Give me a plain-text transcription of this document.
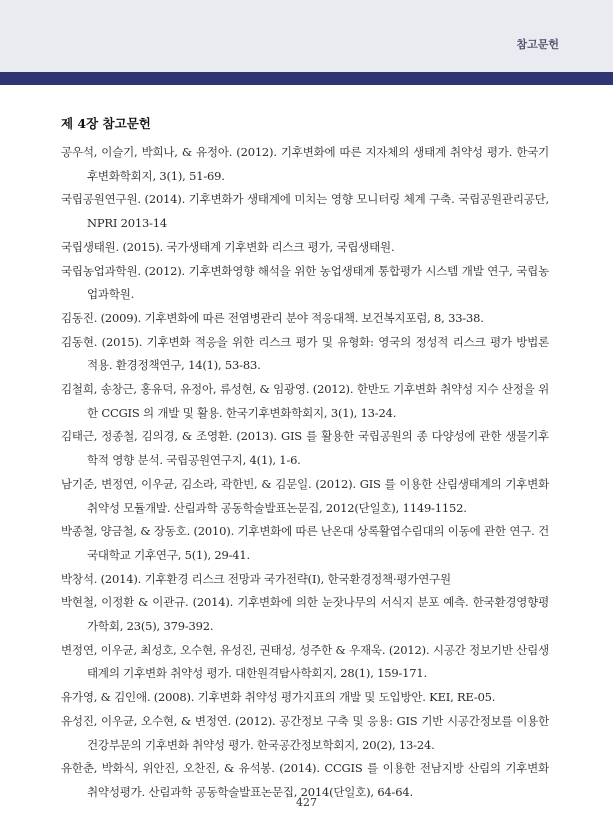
참고문헌
제 4장 참고문헌
공우석, 이슬기, 박희나, & 유정아. (2012). 기후변화에 따른 지자체의 생태계 취약성 평가. 한국기후변화학회지, 3(1), 51-69.
국립공원연구원. (2014). 기후변화가 생태계에 미치는 영향 모니터링 체계 구축. 국립공원관리공단, NPRI 2013-14
국립생태원. (2015). 국가생태계 기후변화 리스크 평가, 국립생태원.
국립농업과학원. (2012). 기후변화영향 해석을 위한 농업생태계 통합평가 시스템 개발 연구, 국립농업과학원.
김동진. (2009). 기후변화에 따른 전염병관리 분야 적응대책. 보건복지포럼, 8, 33-38.
김동현. (2015). 기후변화 적응을 위한 리스크 평가 및 유형화: 영국의 정성적 리스크 평가 방법론 적용. 환경정책연구, 14(1), 53-83.
김철희, 송창근, 홍유덕, 유정아, 류성현, & 임광영. (2012). 한반도 기후변화 취약성 지수 산정을 위한 CCGIS 의 개발 및 활용. 한국기후변화학회지, 3(1), 13-24.
김태근, 정종철, 김의경, & 조영환. (2013). GIS 를 활용한 국립공원의 종 다양성에 관한 생물기후학적 영향 분석. 국립공원연구지, 4(1), 1-6.
남기준, 변정연, 이우균, 김소라, 곽한빈, & 김문일. (2012). GIS 를 이용한 산림생태계의 기후변화 취약성 모듈개발. 산림과학 공동학술발표논문집, 2012(단일호), 1149-1152.
박종철, 양금철, & 장동호. (2010). 기후변화에 따른 난온대 상록활엽수림대의 이동에 관한 연구. 건국대학교 기후연구, 5(1), 29-41.
박창석. (2014). 기후환경 리스크 전망과 국가전략(Ⅰ), 한국환경정책·평가연구원
박현철, 이정환 & 이관규. (2014). 기후변화에 의한 눈잣나무의 서식지 분포 예측. 한국환경영향평가학회, 23(5), 379-392.
변정연, 이우균, 최성호, 오수현, 유성진, 권태성, 성주한 & 우재욱. (2012). 시공간 정보기반 산림생태계의 기후변화 취약성 평가. 대한원격탐사학회지, 28(1), 159-171.
유가영, & 김인애. (2008). 기후변화 취약성 평가지표의 개발 및 도입방안. KEI, RE-05.
유성진, 이우균, 오수현, & 변정연. (2012). 공간정보 구축 및 응용: GIS 기반 시공간정보를 이용한 건강부문의 기후변화 취약성 평가. 한국공간정보학회지, 20(2), 13-24.
유한춘, 박화식, 위안진, 오찬진, & 유석봉. (2014). CCGIS 를 이용한 전남지방 산림의 기후변화 취약성평가. 산림과학 공동학술발표논문집, 2014(단일호), 64-64.
427
